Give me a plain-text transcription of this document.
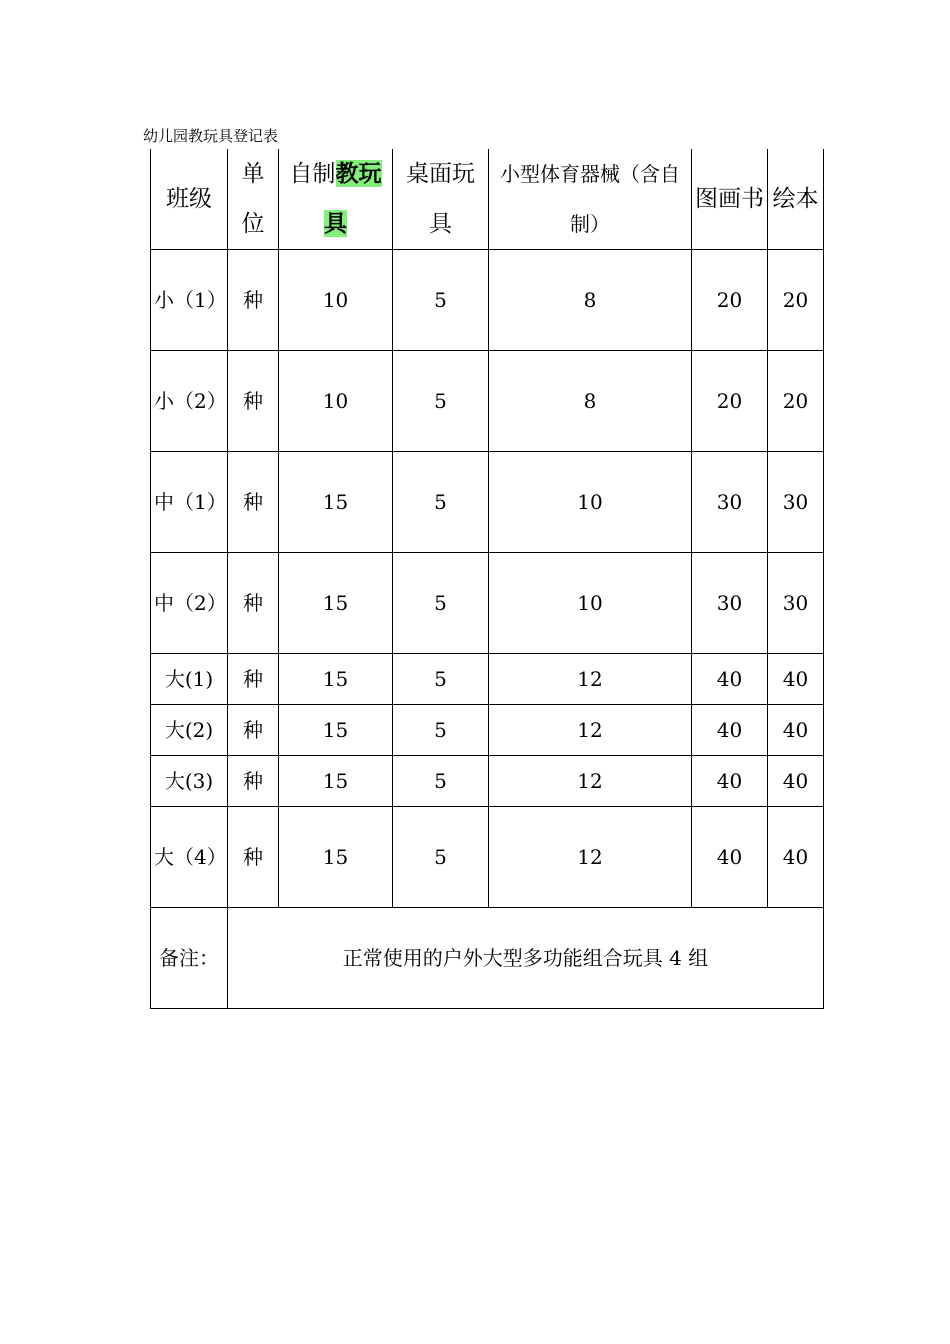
幼儿园教玩具登记表
班级	单位	自制教玩具	桌面玩具	小型体育器械（含自制）	图画书	绘本
小（1）	种	10	5	8	20	20
小（2）	种	10	5	8	20	20
中（1）	种	15	5	10	30	30
中（2）	种	15	5	10	30	30
大(1)	种	15	5	12	40	40
大(2)	种	15	5	12	40	40
大(3)	种	15	5	12	40	40
大（4）	种	15	5	12	40	40
备注：	正常使用的户外大型多功能组合玩具 4 组					
